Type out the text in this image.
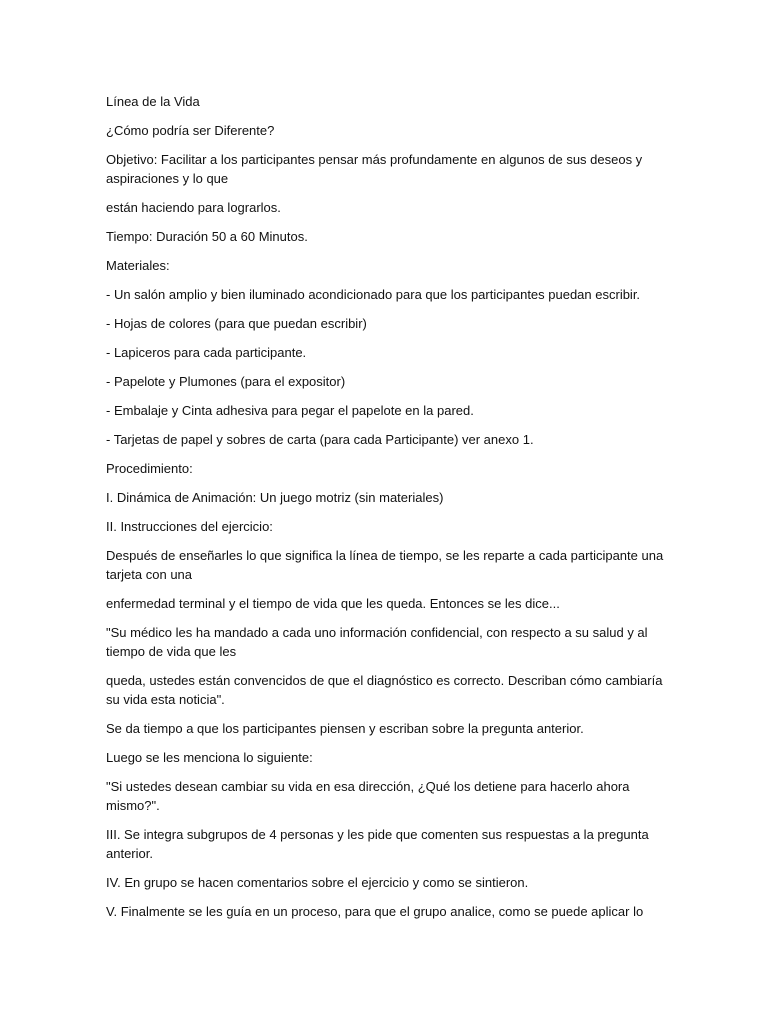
Línea de la Vida

¿Cómo podría ser Diferente?

Objetivo: Facilitar a los participantes pensar más profundamente en algunos de sus deseos y aspiraciones y lo que

están haciendo para lograrlos.

Tiempo: Duración 50 a 60 Minutos.

Materiales:

- Un salón amplio y bien iluminado acondicionado para que los participantes puedan escribir.

- Hojas de colores (para que puedan escribir)

- Lapiceros para cada participante.

- Papelote y Plumones (para el expositor)

- Embalaje y Cinta adhesiva para pegar el papelote en la pared.

- Tarjetas de papel y sobres de carta (para cada Participante) ver anexo 1.

Procedimiento:

I. Dinámica de Animación: Un juego motriz (sin materiales)

II. Instrucciones del ejercicio:

Después de enseñarles lo que significa la línea de tiempo, se les reparte a cada participante una tarjeta con una

enfermedad terminal y el tiempo de vida que les queda. Entonces se les dice...

"Su médico les ha mandado a cada uno información confidencial, con respecto a su salud y al tiempo de vida que les

queda, ustedes están convencidos de que el diagnóstico es correcto. Describan cómo cambiaría su vida esta noticia".

Se da tiempo a que los participantes piensen y escriban sobre la pregunta anterior.

Luego se les menciona lo siguiente:

"Si ustedes desean cambiar su vida en esa dirección, ¿Qué los detiene para hacerlo ahora mismo?".

III. Se integra subgrupos de 4 personas y les pide que comenten sus respuestas a la pregunta anterior.

IV. En grupo se hacen comentarios sobre el ejercicio y como se sintieron.

V. Finalmente se les guía en un proceso, para que el grupo analice, como se puede aplicar lo
